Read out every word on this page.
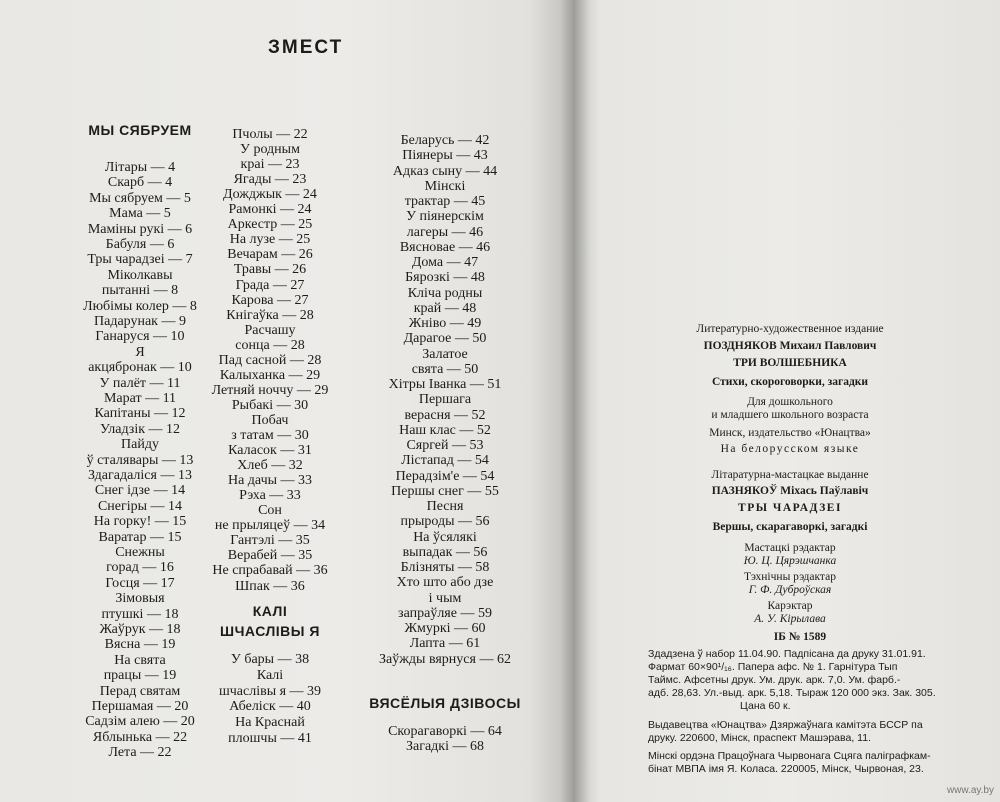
ЗМЕСТ
МЫ СЯБРУЕМ
Літары — 4
Скарб — 4
Мы сябруем — 5
Мама — 5
Маміны рукі — 6
Бабуля — 6
Тры чарадзеі — 7
Міколкавы
пытанні — 8
Любімы колер — 8
Падарунак — 9
Ганаруся — 10
Я
акцябронак — 10
У палёт — 11
Марат — 11
Капітаны — 12
Уладзік — 12
Пайду
ў сталявары — 13
Здагадаліся — 13
Снег ідзе — 14
Снегіры — 14
На горку! — 15
Варатар — 15
Снежны
горад — 16
Госця — 17
Зімовыя
птушкі — 18
Жаўрук — 18
Вясна — 19
На свята
працы — 19
Перад святам
Першамая — 20
Садзім алею — 20
Яблынька — 22
Лета — 22
Пчолы — 22
У родным
краі — 23
Ягады — 23
Дожджык — 24
Рамонкі — 24
Аркестр — 25
На лузе — 25
Вечарам — 26
Травы — 26
Града — 27
Карова — 27
Кнігаўка — 28
Расчашу
сонца — 28
Пад сасной — 28
Калыханка — 29
Летняй ноччу — 29
Рыбакі — 30
Побач
з татам — 30
Каласок — 31
Хлеб — 32
На дачы — 33
Рэха — 33
Сон
не прыляцеў — 34
Гантэлі — 35
Верабей — 35
Не спрабавай — 36
Шпак — 36
КАЛІ
ШЧАСЛІВЫ Я
У бары — 38
Калі
шчаслівы я — 39
Абеліск — 40
На Краснай
плошчы — 41
Беларусь — 42
Піянеры — 43
Адказ сыну — 44
Мінскі
трактар — 45
У піянерскім
лагеры — 46
Вясновае — 46
Дома — 47
Бярозкі — 48
Кліча родны
край — 48
Жніво — 49
Дарагое — 50
Залатое
свята — 50
Хітры Іванка — 51
Першага
верасня — 52
Наш клас — 52
Сяргей — 53
Лістапад — 54
Перадзім'е — 54
Першы снег — 55
Песня
прыроды — 56
На ўсялякі
выпадак — 56
Блізняты — 58
Хто што або дзе
і чым
запраўляе — 59
Жмуркі — 60
Лапта — 61
Заўжды вярнуся — 62
ВЯСЁЛЫЯ ДЗІВОСЫ
Скорагаворкі — 64
Загадкі — 68
Литературно-художественное издание
ПОЗДНЯКОВ Михаил Павлович
ТРИ ВОЛШЕБНИКА
Стихи, скороговорки, загадки
Для дошкольного
и младшего школьного возраста
Минск, издательство «Юнацтва»
На белорусском языке
Літаратурна-мастацкае выданне
ПАЗНЯКОЎ Міхась Паўлавіч
ТРЫ ЧАРАДЗЕІ
Вершы, скарагаворкі, загадкі
Мастацкі рэдактар
Ю. Ц. Цярэшчанка
Тэхнічны рэдактар
Г. Ф. Дуброўская
Карэктар
А. У. Кірылава
ІБ № 1589
Здадзена ў набор 11.04.90. Падпісана да друку 31.01.91.
Фармат 60×90¹/₁₆. Папера афс. № 1. Гарнітура Тып
Таймс. Афсетны друк. Ум. друк. арк. 7,0. Ум. фарб.-
адб. 28,63. Ул.-выд. арк. 5,18. Тыраж 120 000 экз. Зак. 305.
Цана 60 к.
Выдавецтва «Юнацтва» Дзяржаўнага камітэта БССР па
друку. 220600, Мінск, праспект Машэрава, 11.
Мінскі ордэна Працоўнага Чырвонага Сцяга паліграфкам-
бінат МВПА імя Я. Коласа. 220005, Мінск, Чырвоная, 23.
www.ay.by
